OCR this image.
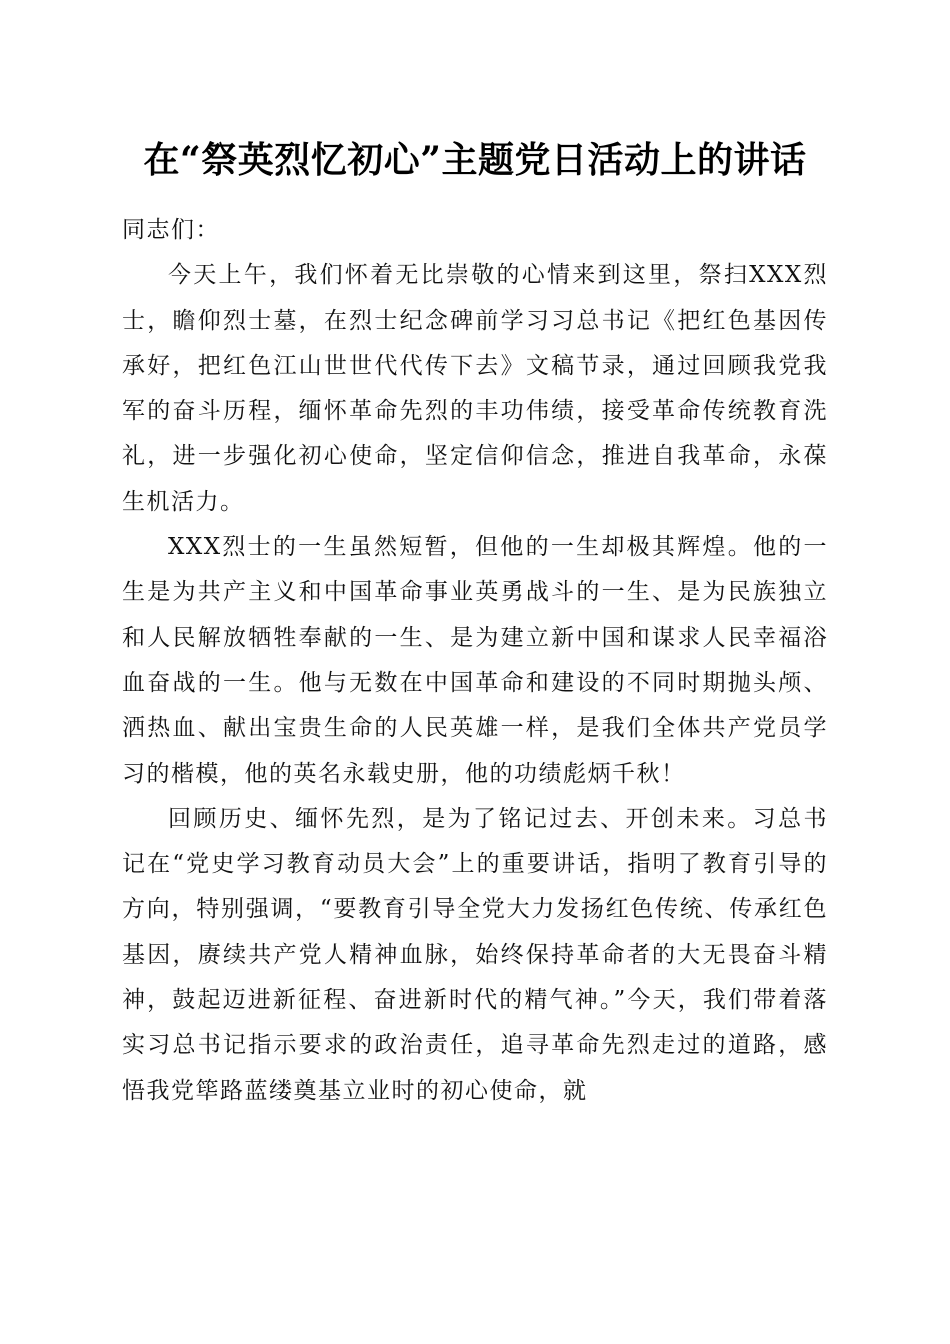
在“祭英烈忆初心”主题党日活动上的讲话

同志们：

今天上午，我们怀着无比崇敬的心情来到这里，祭扫XXX烈士，瞻仰烈士墓，在烈士纪念碑前学习习总书记《把红色基因传承好，把红色江山世世代代传下去》文稿节录，通过回顾我党我军的奋斗历程，缅怀革命先烈的丰功伟绩，接受革命传统教育洗礼，进一步强化初心使命，坚定信仰信念，推进自我革命，永葆生机活力。

XXX烈士的一生虽然短暂，但他的一生却极其辉煌。他的一生是为共产主义和中国革命事业英勇战斗的一生、是为民族独立和人民解放牺牲奉献的一生、是为建立新中国和谋求人民幸福浴血奋战的一生。他与无数在中国革命和建设的不同时期抛头颅、洒热血、献出宝贵生命的人民英雄一样，是我们全体共产党员学习的楷模，他的英名永载史册，他的功绩彪炳千秋！

回顾历史、缅怀先烈，是为了铭记过去、开创未来。习总书记在“党史学习教育动员大会”上的重要讲话，指明了教育引导的方向，特别强调，“要教育引导全党大力发扬红色传统、传承红色基因，赓续共产党人精神血脉，始终保持革命者的大无畏奋斗精神，鼓起迈进新征程、奋进新时代的精气神。”今天，我们带着落实习总书记指示要求的政治责任，追寻革命先烈走过的道路，感悟我党筚路蓝缕奠基立业时的初心使命，就
